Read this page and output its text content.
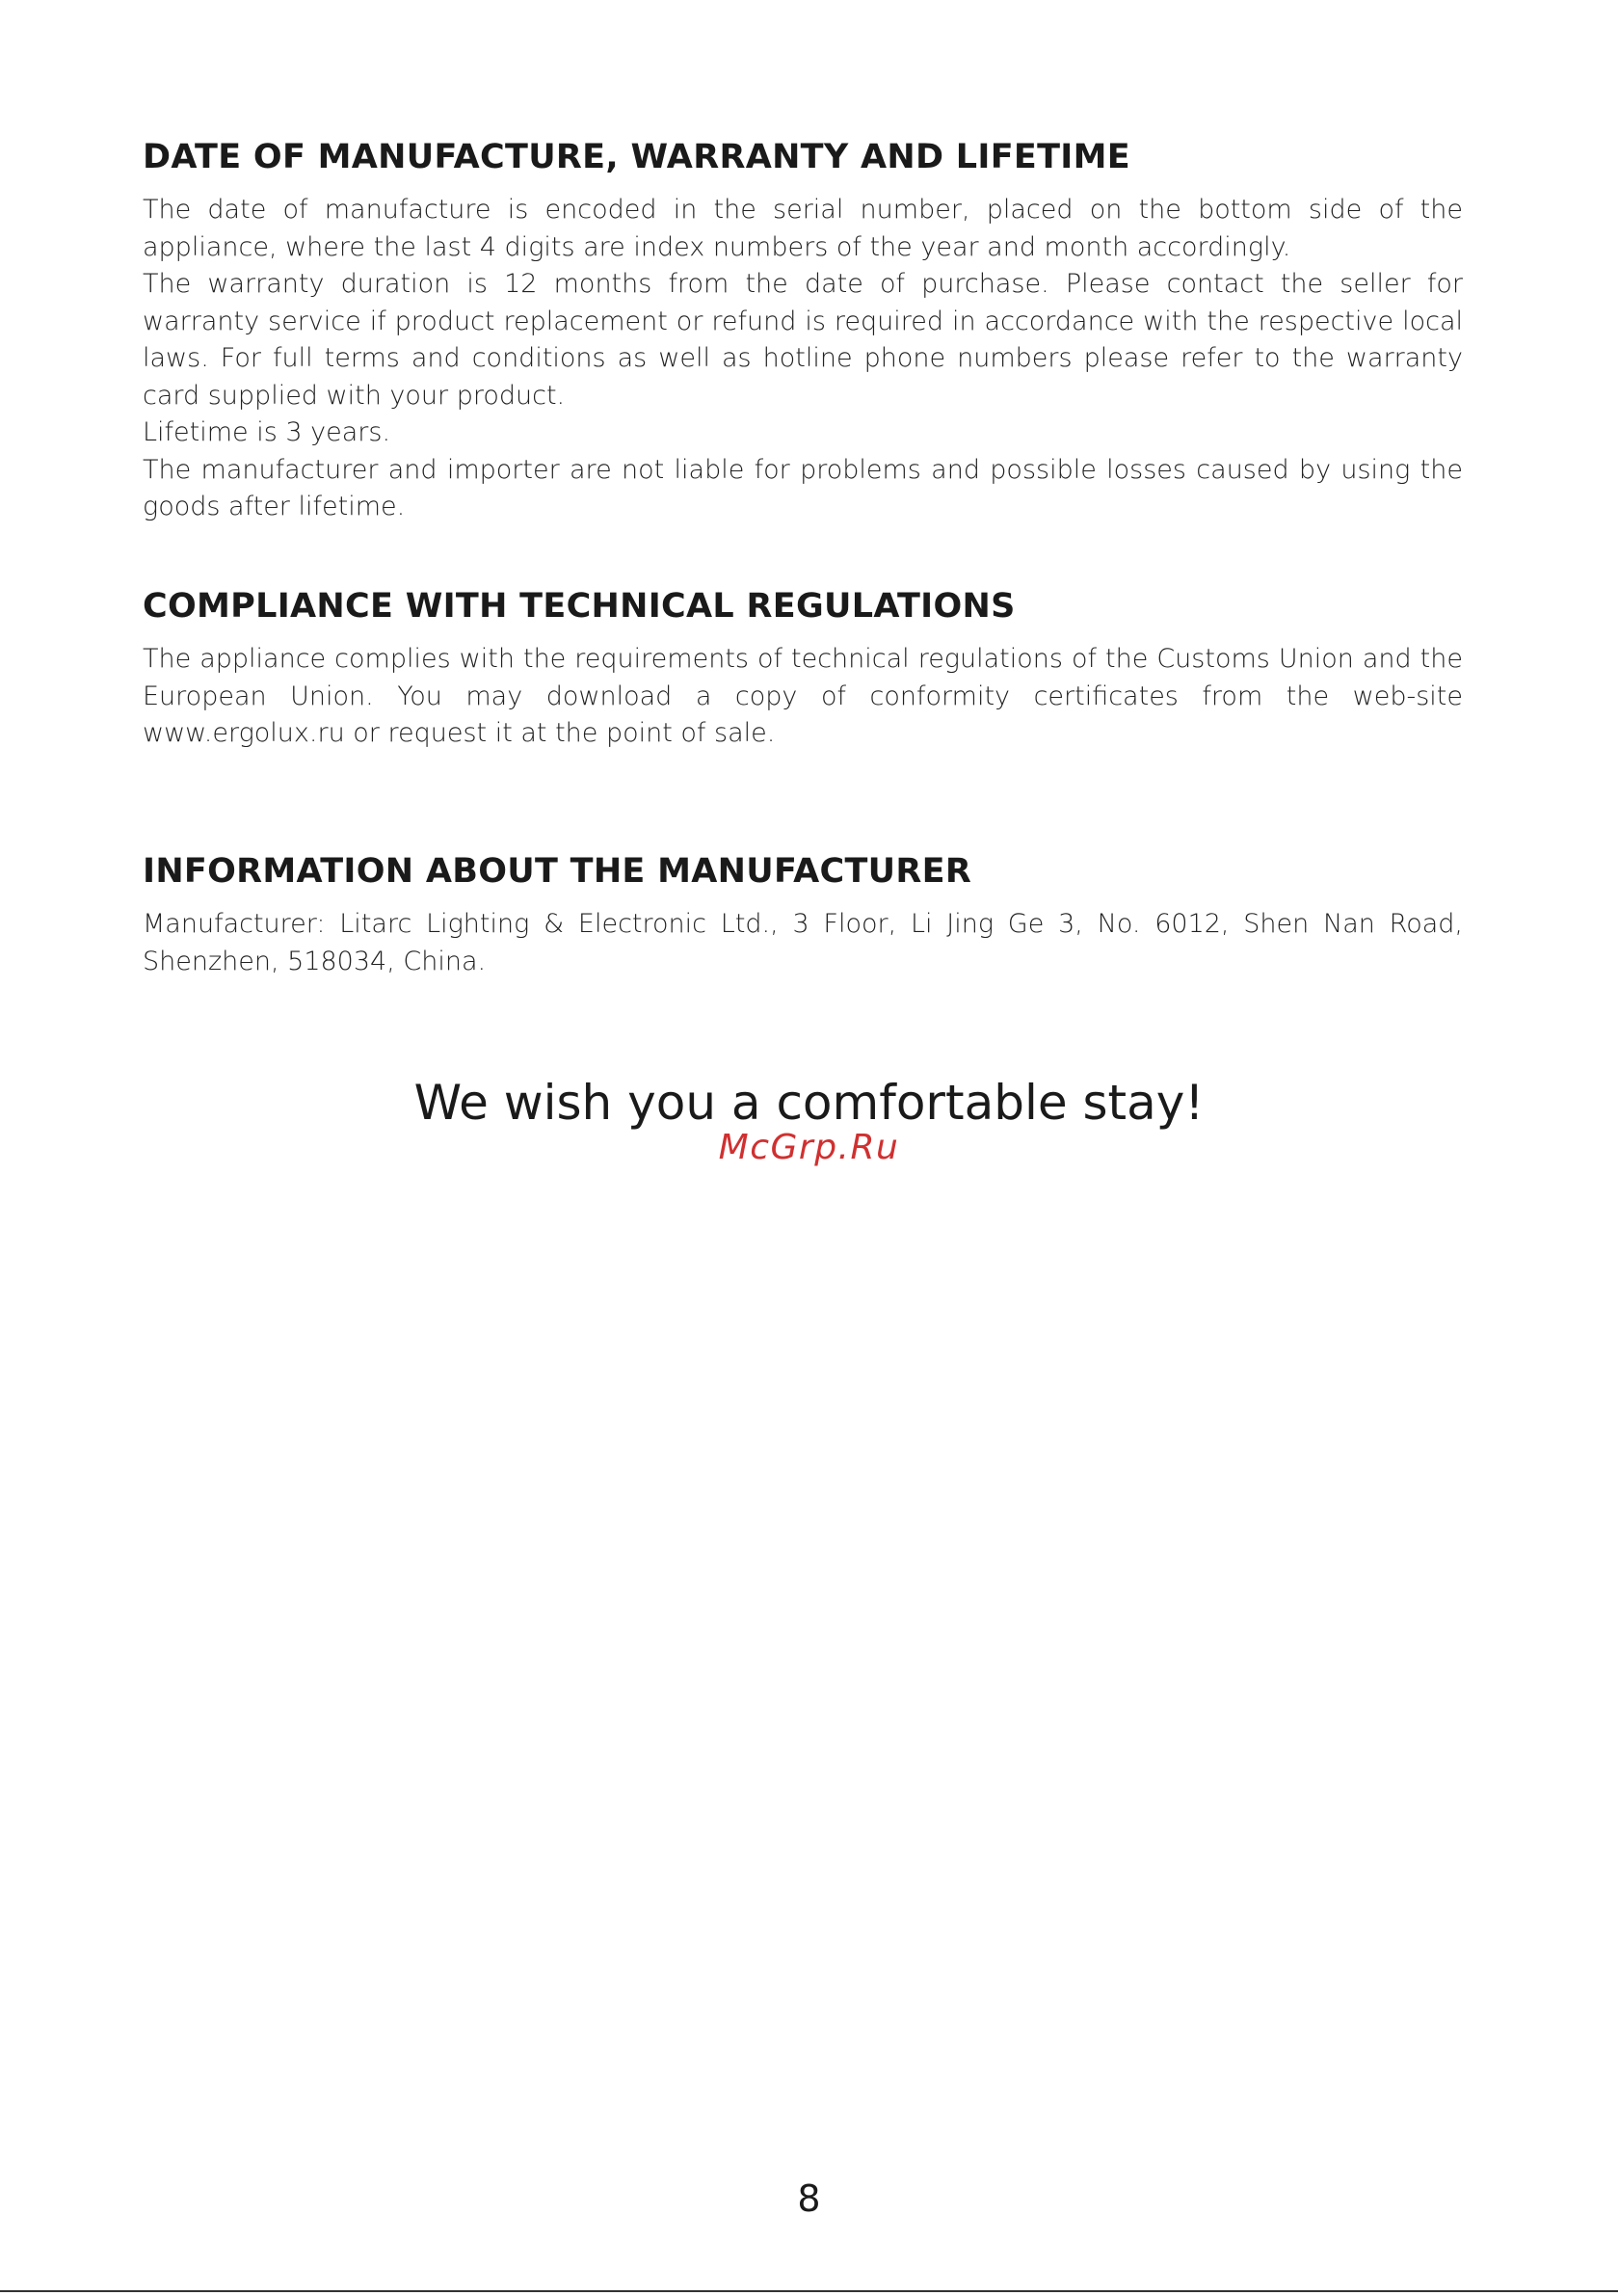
DATE OF MANUFACTURE, WARRANTY AND LIFETIME

The date of manufacture is encoded in the serial number, placed on the bottom side of the appliance, where the last 4 digits are index numbers of the year and month accordingly.

The warranty duration is 12 months from the date of purchase. Please contact the seller for warranty service if product replacement or refund is required in accordance with the respective local laws. For full terms and conditions as well as hotline phone numbers please refer to the warranty card supplied with your product.

Lifetime is 3 years.

The manufacturer and importer are not liable for problems and possible losses caused by using the goods after lifetime.

COMPLIANCE WITH TECHNICAL REGULATIONS

The appliance complies with the requirements of technical regulations of the Customs Union and the European Union. You may download a copy of conformity certificates from the web-site www.ergolux.ru or request it at the point of sale.

INFORMATION ABOUT THE MANUFACTURER

Manufacturer: Litarc Lighting & Electronic Ltd., 3 Floor, Li Jing Ge 3, No. 6012, Shen Nan Road, Shenzhen, 518034, China.

We wish you a comfortable stay!
McGrp.Ru
8
